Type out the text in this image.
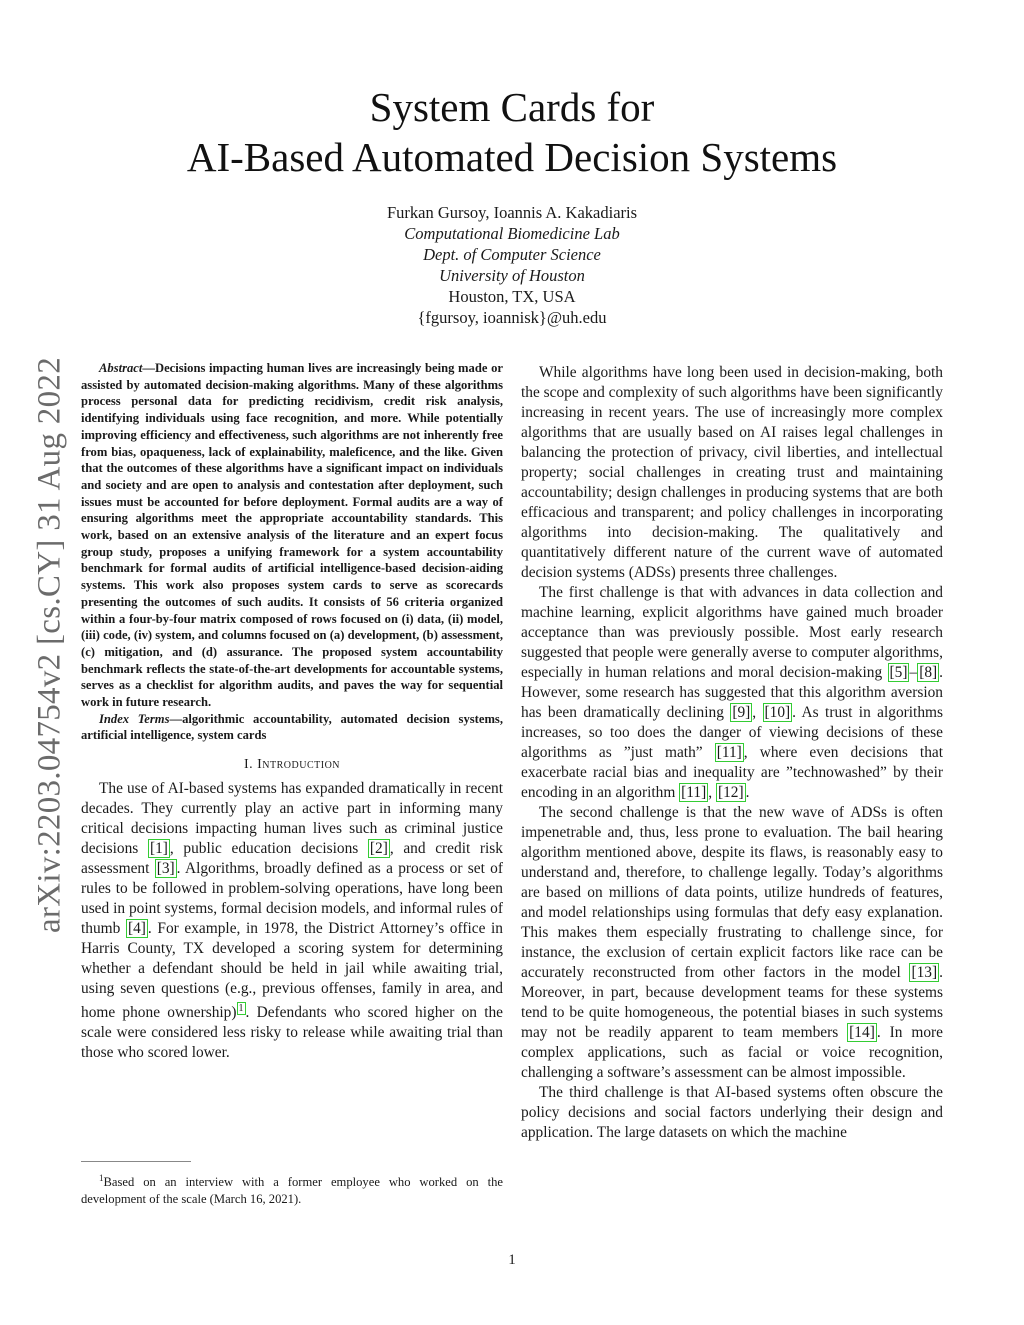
arXiv:2203.04754v2 [cs.CY] 31 Aug 2022
System Cards for
AI-Based Automated Decision Systems
Furkan Gursoy, Ioannis A. Kakadiaris
Computational Biomedicine Lab
Dept. of Computer Science
University of Houston
Houston, TX, USA
{fgursoy, ioannisk}@uh.edu

Abstract—Decisions impacting human lives are increasingly being made or assisted by automated decision-making algorithms. Many of these algorithms process personal data for predicting recidivism, credit risk analysis, identifying individuals using face recognition, and more. While potentially improving efficiency and effectiveness, such algorithms are not inherently free from bias, opaqueness, lack of explainability, maleficence, and the like. Given that the outcomes of these algorithms have a significant impact on individuals and society and are open to analysis and contestation after deployment, such issues must be accounted for before deployment. Formal audits are a way of ensuring algorithms meet the appropriate accountability standards. This work, based on an extensive analysis of the literature and an expert focus group study, proposes a unifying framework for a system accountability benchmark for formal audits of artificial intelligence-based decision-aiding systems. This work also proposes system cards to serve as scorecards presenting the outcomes of such audits. It consists of 56 criteria organized within a four-by-four matrix composed of rows focused on (i) data, (ii) model, (iii) code, (iv) system, and columns focused on (a) development, (b) assessment, (c) mitigation, and (d) assurance. The proposed system accountability benchmark reflects the state-of-the-art developments for accountable systems, serves as a checklist for algorithm audits, and paves the way for sequential work in future research.

Index Terms—algorithmic accountability, automated decision systems, artificial intelligence, system cards

I. Introduction

The use of AI-based systems has expanded dramatically in recent decades. They currently play an active part in informing many critical decisions impacting human lives such as criminal justice decisions [1] , public education decisions [2] , and credit risk assessment [3] . Algorithms, broadly defined as a process or set of rules to be followed in problem-solving operations, have long been used in point systems, formal decision models, and informal rules of thumb [4] . For example, in 1978, the District Attorney’s office in Harris County, TX developed a scoring system for determining whether a defendant should be held in jail while awaiting trial, using seven questions (e.g., previous offenses, family in area, and home phone ownership) $^1$ . Defendants who scored higher on the scale were considered less risky to release while awaiting trial than those who scored lower.

$^1$Based on an interview with a former employee who worked on the development of the scale (March 16, 2021).

While algorithms have long been used in decision-making, both the scope and complexity of such algorithms have been significantly increasing in recent years. The use of increasingly more complex algorithms that are usually based on AI raises legal challenges in balancing the protection of privacy, civil liberties, and intellectual property; social challenges in creating trust and maintaining accountability; design challenges in producing systems that are both efficacious and transparent; and policy challenges in incorporating algorithms into decision-making. The qualitatively and quantitatively different nature of the current wave of automated decision systems (ADSs) presents three challenges.

The first challenge is that with advances in data collection and machine learning, explicit algorithms have gained much broader acceptance than was previously possible. Most early research suggested that people were generally averse to computer algorithms, especially in human relations and moral decision-making [5] – [8] . However, some research has suggested that this algorithm aversion has been dramatically declining [9] , [10] . As trust in algorithms increases, so too does the danger of viewing decisions of these algorithms as ”just math” [11] , where even decisions that exacerbate racial bias and inequality are ”technowashed” by their encoding in an algorithm [11] , [12] .

The second challenge is that the new wave of ADSs is often impenetrable and, thus, less prone to evaluation. The bail hearing algorithm mentioned above, despite its flaws, is reasonably easy to understand and, therefore, to challenge legally. Today’s algorithms are based on millions of data points, utilize hundreds of features, and model relationships using formulas that defy easy explanation. This makes them especially frustrating to challenge since, for instance, the exclusion of certain explicit factors like race can be accurately reconstructed from other factors in the model [13] . Moreover, in part, because development teams for these systems tend to be quite homogeneous, the potential biases in such systems may not be readily apparent to team members [14] . In more complex applications, such as facial or voice recognition, challenging a software’s assessment can be almost impossible.

The third challenge is that AI-based systems often obscure the policy decisions and social factors underlying their design and application. The large datasets on which the machine

1
